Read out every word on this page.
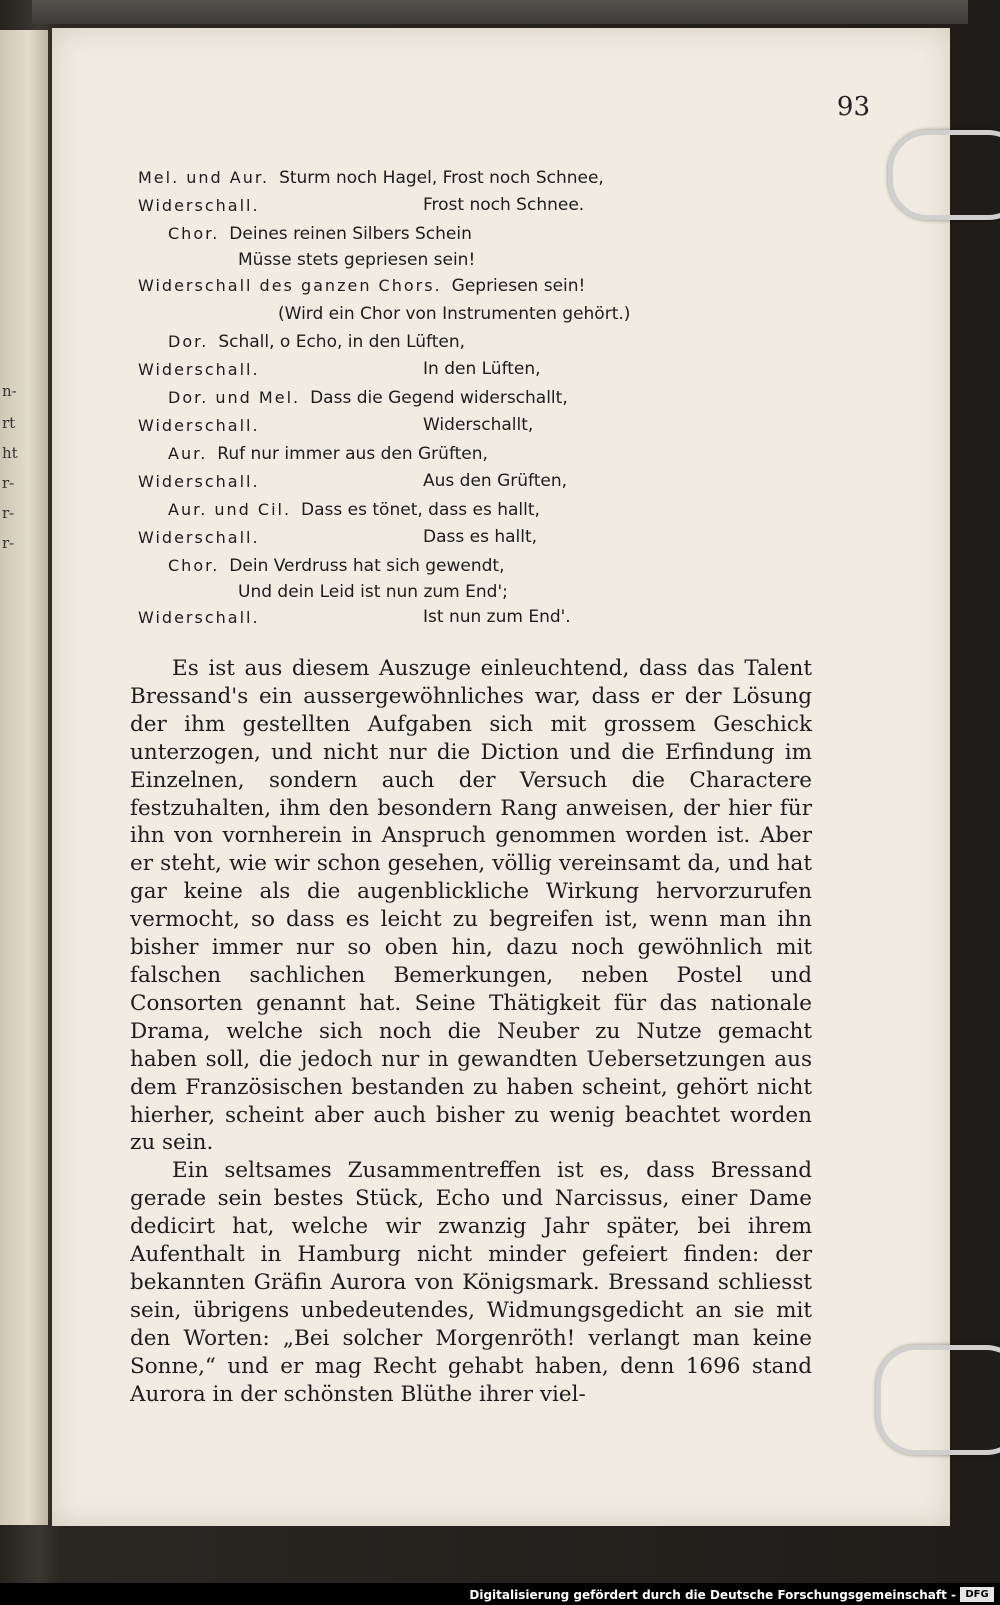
n-
rt
ht
r-
r-
r-
93
Mel. und Aur. Sturm noch Hagel, Frost noch Schnee,
Widerschall.	Frost noch Schnee.
Chor. Deines reinen Silbers Schein
Müsse stets gepriesen sein!
Widerschall des ganzen Chors. Gepriesen sein!
(Wird ein Chor von Instrumenten gehört.)
Dor. Schall, o Echo, in den Lüften,
Widerschall.	In den Lüften,
Dor. und Mel. Dass die Gegend widerschallt,
Widerschall.	Widerschallt,
Aur. Ruf nur immer aus den Grüften,
Widerschall.	Aus den Grüften,
Aur. und Cil. Dass es tönet, dass es hallt,
Widerschall.	Dass es hallt,
Chor. Dein Verdruss hat sich gewendt,
Und dein Leid ist nun zum End';
Widerschall.	Ist nun zum End'.

Es ist aus diesem Auszuge einleuchtend, dass das Talent Bressand's ein aussergewöhnliches war, dass er der Lösung der ihm gestellten Aufgaben sich mit grossem Geschick unterzogen, und nicht nur die Diction und die Erfindung im Einzelnen, sondern auch der Versuch die Charactere festzuhalten, ihm den besondern Rang anweisen, der hier für ihn von vornherein in Anspruch genommen worden ist. Aber er steht, wie wir schon gesehen, völlig vereinsamt da, und hat gar keine als die augenblickliche Wirkung hervorzurufen vermocht, so dass es leicht zu begreifen ist, wenn man ihn bisher immer nur so oben hin, dazu noch gewöhnlich mit falschen sachlichen Bemerkungen, neben Postel und Consorten genannt hat. Seine Thätigkeit für das nationale Drama, welche sich noch die Neuber zu Nutze gemacht haben soll, die jedoch nur in gewandten Uebersetzungen aus dem Französischen bestanden zu haben scheint, gehört nicht hierher, scheint aber auch bisher zu wenig beachtet worden zu sein.

Ein seltsames Zusammentreffen ist es, dass Bressand gerade sein bestes Stück, Echo und Narcissus, einer Dame dedicirt hat, welche wir zwanzig Jahr später, bei ihrem Aufenthalt in Hamburg nicht minder gefeiert finden: der bekannten Gräfin Aurora von Königsmark. Bressand schliesst sein, übrigens unbedeutendes, Widmungsgedicht an sie mit den Worten: „Bei solcher Morgenröth! verlangt man keine Sonne,“ und er mag Recht gehabt haben, denn 1696 stand Aurora in der schönsten Blüthe ihrer viel-

Digitalisierung gefördert durch die Deutsche Forschungsgemeinschaft - DFG
